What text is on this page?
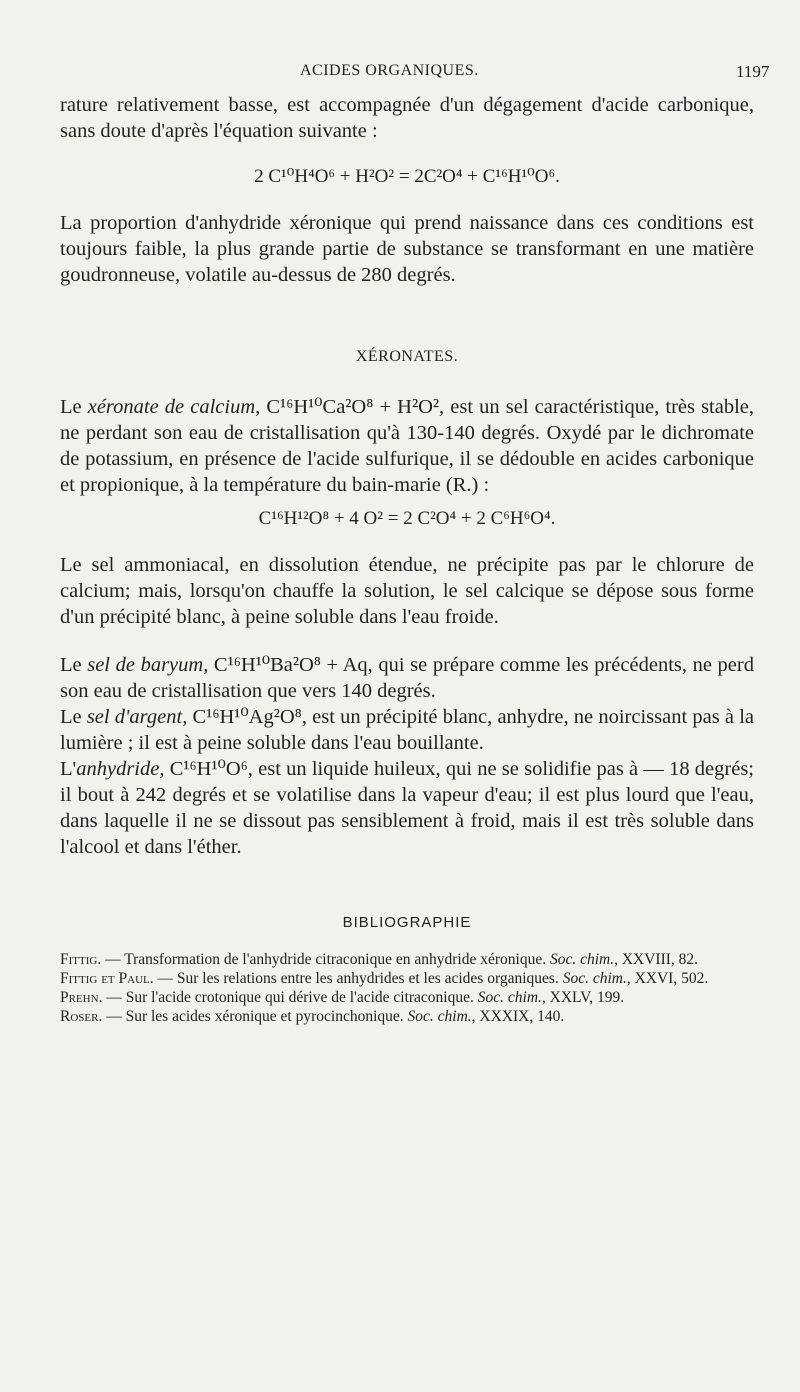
ACIDES ORGANIQUES.	1197

rature relativement basse, est accompagnée d'un dégagement d'acide carbonique, sans doute d'après l'équation suivante :

2 C¹⁰H⁴O⁶ + H²O² = 2C²O⁴ + C¹⁶H¹⁰O⁶.

La proportion d'anhydride xéronique qui prend naissance dans ces conditions est toujours faible, la plus grande partie de substance se transformant en une matière goudronneuse, volatile au-dessus de 280 degrés.

XÉRONATES.

Le xéronate de calcium, C¹⁶H¹⁰Ca²O⁸ + H²O², est un sel caractéristique, très stable, ne perdant son eau de cristallisation qu'à 130-140 degrés. Oxydé par le dichromate de potassium, en présence de l'acide sulfurique, il se dédouble en acides carbonique et propionique, à la température du bain-marie (R.) :

C¹⁶H¹²O⁸ + 4 O² = 2 C²O⁴ + 2 C⁶H⁶O⁴.

Le sel ammoniacal, en dissolution étendue, ne précipite pas par le chlorure de calcium; mais, lorsqu'on chauffe la solution, le sel calcique se dépose sous forme d'un précipité blanc, à peine soluble dans l'eau froide.

Le sel de baryum, C¹⁶H¹⁰Ba²O⁸ + Aq, qui se prépare comme les précédents, ne perd son eau de cristallisation que vers 140 degrés.

Le sel d'argent, C¹⁶H¹⁰Ag²O⁸, est un précipité blanc, anhydre, ne noircissant pas à la lumière ; il est à peine soluble dans l'eau bouillante.

L'anhydride, C¹⁶H¹⁰O⁶, est un liquide huileux, qui ne se solidifie pas à — 18 degrés; il bout à 242 degrés et se volatilise dans la vapeur d'eau; il est plus lourd que l'eau, dans laquelle il ne se dissout pas sensiblement à froid, mais il est très soluble dans l'alcool et dans l'éther.

BIBLIOGRAPHIE

Fittig. — Transformation de l'anhydride citraconique en anhydride xéronique. Soc. chim., XXVIII, 82.

Fittig et Paul. — Sur les relations entre les anhydrides et les acides organiques. Soc. chim., XXVI, 502.

Prehn. — Sur l'acide crotonique qui dérive de l'acide citraconique. Soc. chim., XXLV, 199.

Roser. — Sur les acides xéronique et pyrocinchonique. Soc. chim., XXXIX, 140.
